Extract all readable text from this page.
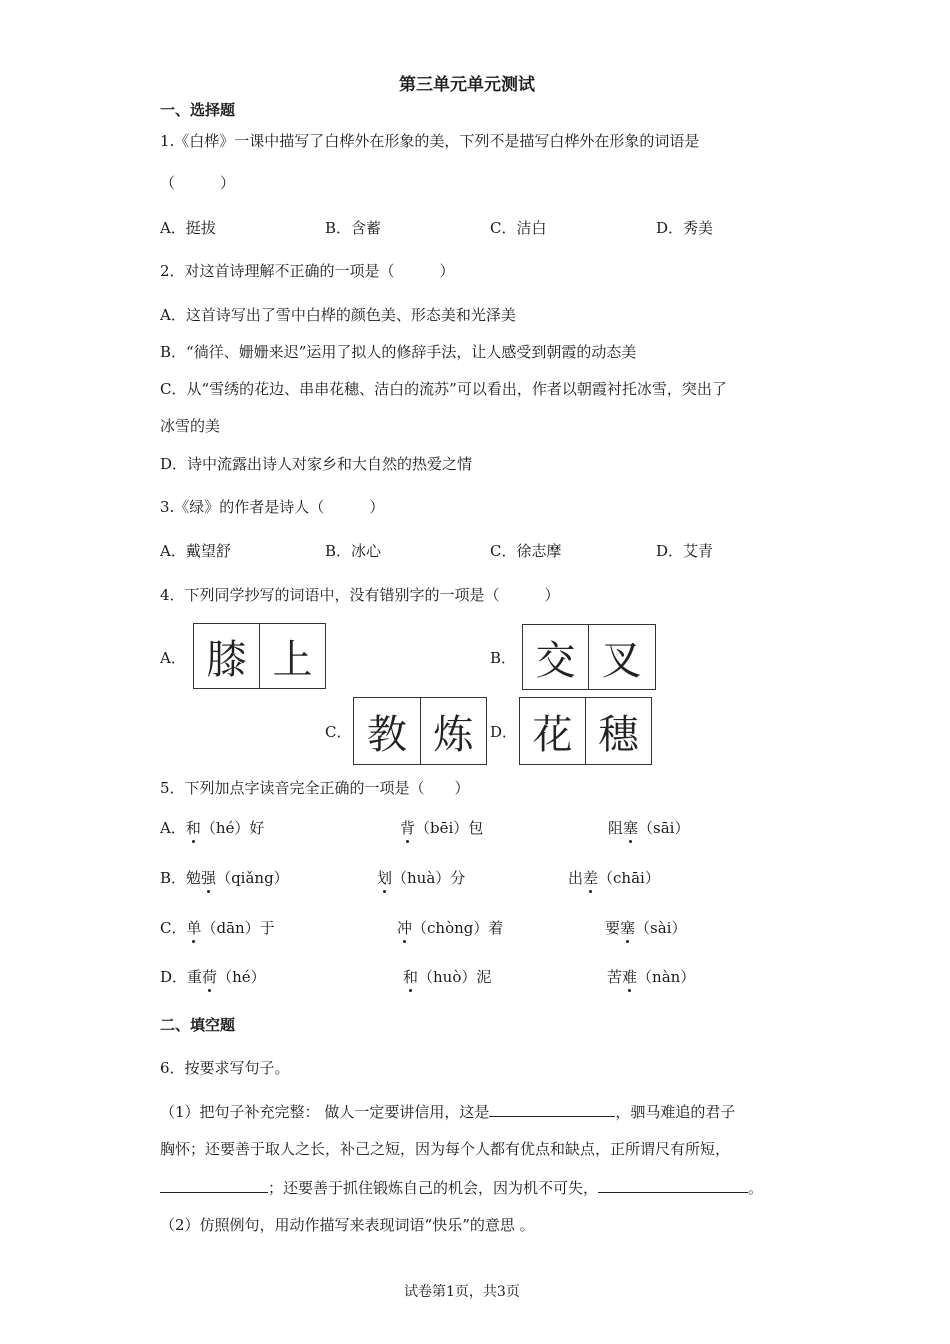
第三单元单元测试
一、选择题
1.《白桦》一课中描写了白桦外在形象的美，下列不是描写白桦外在形象的词语是
（　　　）
A．挺拔	B．含蓄	C．洁白	D．秀美
2．对这首诗理解不正确的一项是（　　　）
A．这首诗写出了雪中白桦的颜色美、形态美和光泽美
B．“徜徉、姗姗来迟”运用了拟人的修辞手法，让人感受到朝霞的动态美
C．从“雪绣的花边、串串花穗、洁白的流苏”可以看出，作者以朝霞衬托冰雪，突出了
冰雪的美
D．诗中流露出诗人对家乡和大自然的热爱之情
3.《绿》的作者是诗人（　　　）
A．戴望舒	B．冰心	C．徐志摩	D．艾青
4．下列同学抄写的词语中，没有错别字的一项是（　　　）
A． 膝 上	B． 交 叉
C． 教 炼	D． 花 穗
5．下列加点字读音完全正确的一项是（　　）
A．和（hé）好	背（bēi）包	阻塞（sāi）
B．勉强（qiǎng）	划（huà）分	出差（chāi）
C．单（dān）于	冲（chòng）着	要塞（sài）
D．重荷（hé）	和（huò）泥	苦难（nàn）
二、填空题
6．按要求写句子。
（1）把句子补充完整： 做人一定要讲信用，这是	，驷马难追的君子
胸怀；还要善于取人之长，补己之短，因为每个人都有优点和缺点，正所谓尺有所短，
；还要善于抓住锻炼自己的机会，因为机不可失，	。
（2）仿照例句，用动作描写来表现词语“快乐”的意思 。
试卷第1页，共3页
